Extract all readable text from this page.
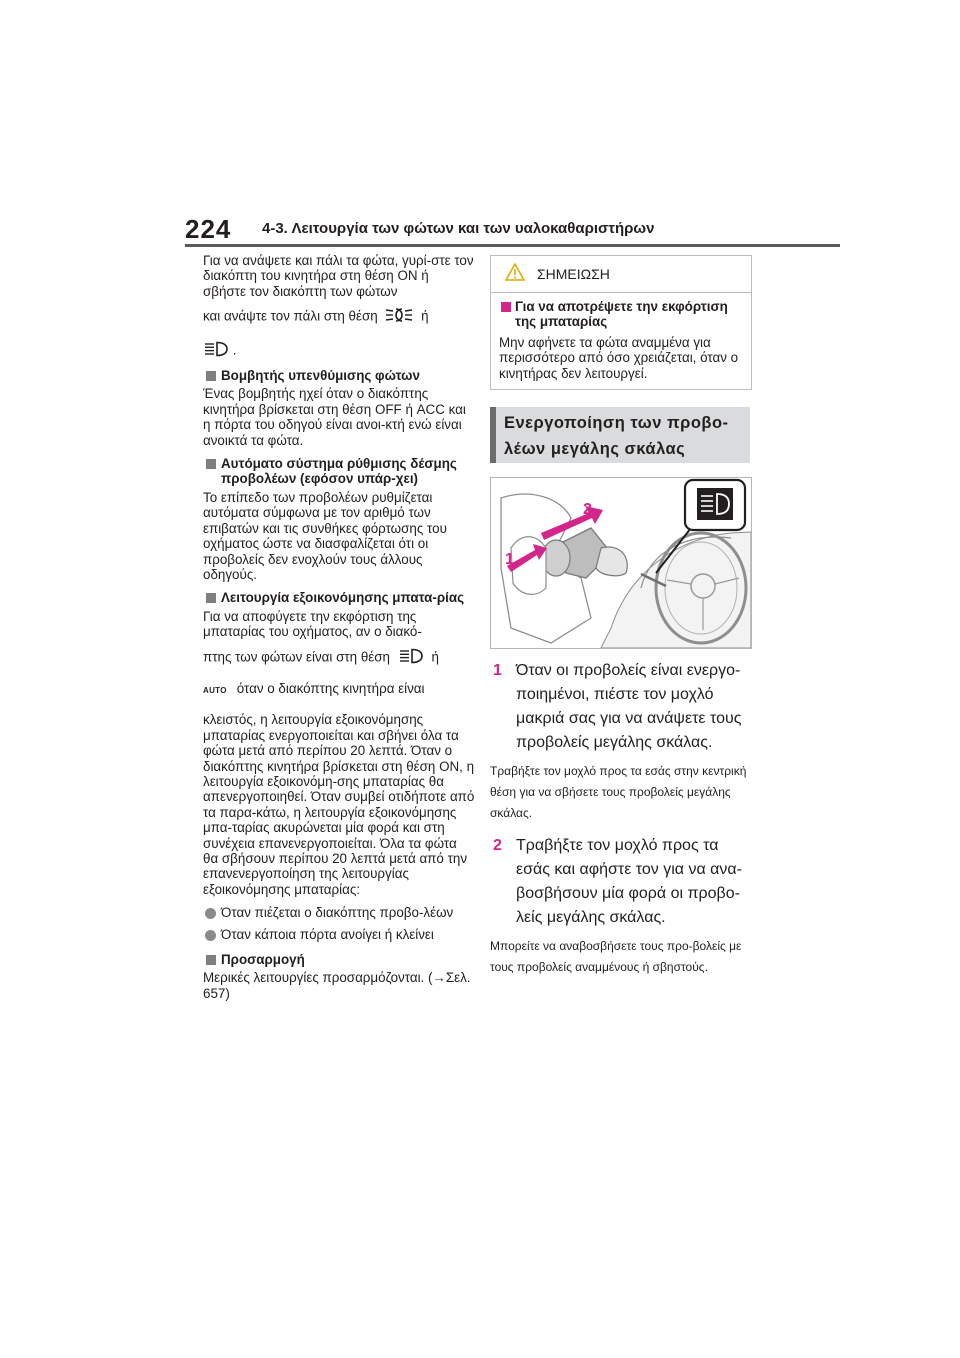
224 4-3. Λειτουργία των φώτων και των υαλοκαθαριστήρων

Για να ανάψετε και πάλι τα φώτα, γυρί-στε τον διακόπτη του κινητήρα στη θέση ON ή σβήστε τον διακόπτη των φώτων

και ανάψτε τον πάλι στη θέση	ή

.

Βομβητής υπενθύμισης φώτων

Ένας βομβητής ηχεί όταν ο διακόπτης κινητήρα βρίσκεται στη θέση OFF ή ACC και η πόρτα του οδηγού είναι ανοι-κτή ενώ είναι ανοικτά τα φώτα.

Αυτόματο σύστημα ρύθμισης δέσμης προβολέων (εφόσον υπάρ-χει)

Το επίπεδο των προβολέων ρυθμίζεται αυτόματα σύμφωνα με τον αριθμό των επιβατών και τις συνθήκες φόρτωσης του οχήματος ώστε να διασφαλίζεται ότι οι προβολείς δεν ενοχλούν τους άλλους οδηγούς.

Λειτουργία εξοικονόμησης μπατα-ρίας

Για να αποφύγετε την εκφόρτιση της μπαταρίας του οχήματος, αν ο διακό-

πτης των φώτων είναι στη θέση	ή

AUTO όταν ο διακόπτης κινητήρα είναι

κλειστός, η λειτουργία εξοικονόμησης μπαταρίας ενεργοποιείται και σβήνει όλα τα φώτα μετά από περίπου 20 λεπτά. Όταν ο διακόπτης κινητήρα βρίσκεται στη θέση ON, η λειτουργία εξοικονόμη-σης μπαταρίας θα απενεργοποιηθεί. Όταν συμβεί οτιδήποτε από τα παρα-κάτω, η λειτουργία εξοικονόμησης μπα-ταρίας ακυρώνεται μία φορά και στη συνέχεια επανενεργοποιείται. Όλα τα φώτα θα σβήσουν περίπου 20 λεπτά μετά από την επανενεργοποίηση της λειτουργίας εξοικονόμησης μπαταρίας:

Όταν πιέζεται ο διακόπτης προβο-λέων
Όταν κάποια πόρτα ανοίγει ή κλείνει
Προσαρμογή

Μερικές λειτουργίες προσαρμόζονται. (→Σελ. 657)

ΣΗΜΕΙΩΣΗ
Για να αποτρέψετε την εκφόρτιση της μπαταρίας

Μην αφήνετε τα φώτα αναμμένα για περισσότερο από όσο χρειάζεται, όταν ο κινητήρας δεν λειτουργεί.

Ενεργοποίηση των προβο-
λέων μεγάλης σκάλας
1
2
1 Όταν οι προβολείς είναι ενεργο-ποιημένοι, πιέστε τον μοχλό μακριά σας για να ανάψετε τους προβολείς μεγάλης σκάλας.

Τραβήξτε τον μοχλό προς τα εσάς στην κεντρική θέση για να σβήσετε τους προβολείς μεγάλης σκάλας.

2 Τραβήξτε τον μοχλό προς τα εσάς και αφήστε τον για να ανα-βοσβήσουν μία φορά οι προβο-λείς μεγάλης σκάλας.

Μπορείτε να αναβοσβήσετε τους προ-βολείς με τους προβολείς αναμμένους ή σβηστούς.
